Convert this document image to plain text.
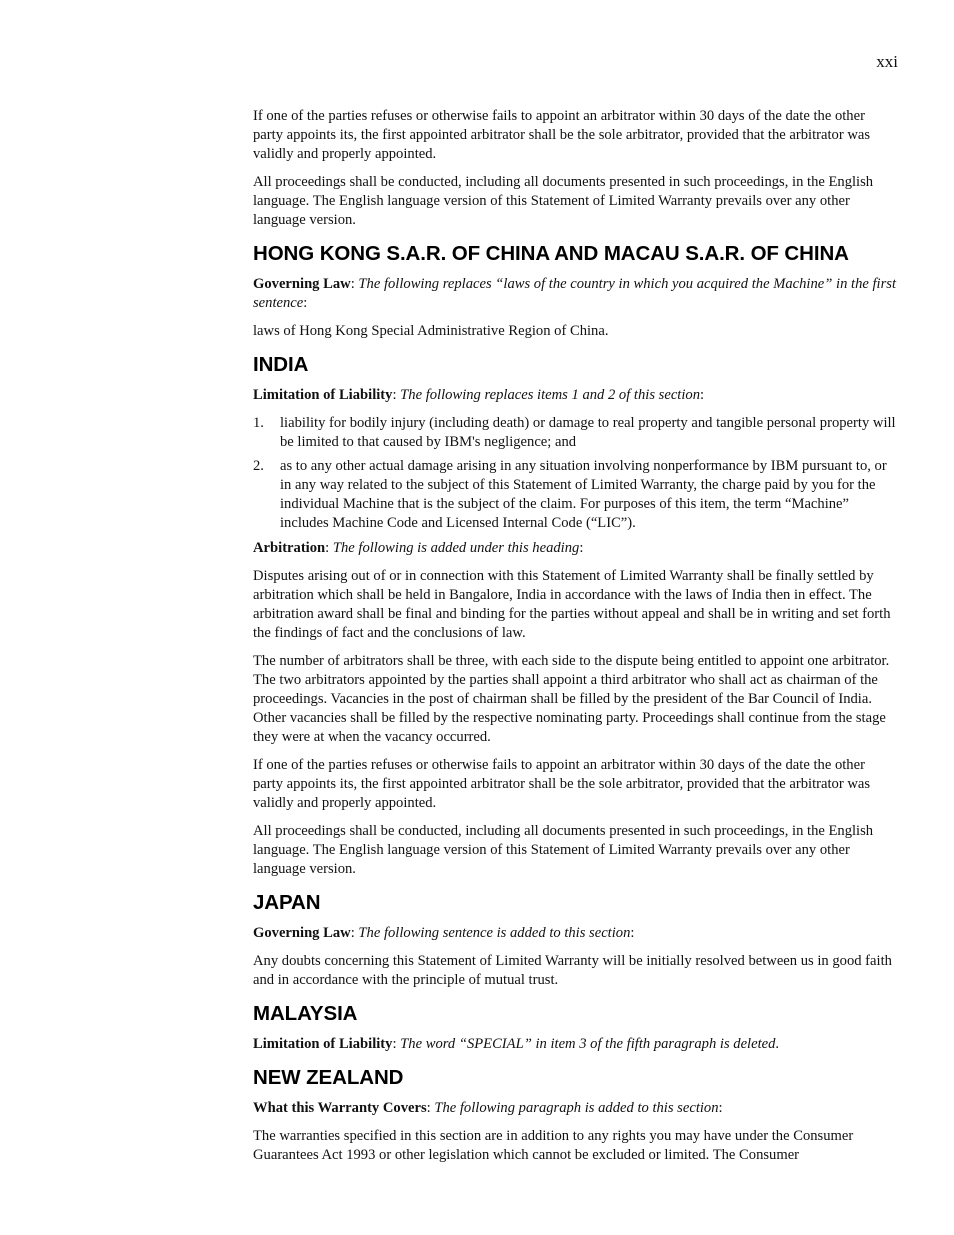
xxi

If one of the parties refuses or otherwise fails to appoint an arbitrator within 30 days of the date the other party appoints its, the first appointed arbitrator shall be the sole arbitrator, provided that the arbitrator was validly and properly appointed.

All proceedings shall be conducted, including all documents presented in such proceedings, in the English language. The English language version of this Statement of Limited Warranty prevails over any other language version.

HONG KONG S.A.R. OF CHINA AND MACAU S.A.R. OF CHINA

Governing Law: The following replaces “laws of the country in which you acquired the Machine” in the first sentence:

laws of Hong Kong Special Administrative Region of China.

INDIA

Limitation of Liability: The following replaces items 1 and 2 of this section:

1. liability for bodily injury (including death) or damage to real property and tangible personal property will be limited to that caused by IBM's negligence; and
2. as to any other actual damage arising in any situation involving nonperformance by IBM pursuant to, or in any way related to the subject of this Statement of Limited Warranty, the charge paid by you for the individual Machine that is the subject of the claim. For purposes of this item, the term “Machine” includes Machine Code and Licensed Internal Code (“LIC”).

Arbitration: The following is added under this heading:

Disputes arising out of or in connection with this Statement of Limited Warranty shall be finally settled by arbitration which shall be held in Bangalore, India in accordance with the laws of India then in effect. The arbitration award shall be final and binding for the parties without appeal and shall be in writing and set forth the findings of fact and the conclusions of law.

The number of arbitrators shall be three, with each side to the dispute being entitled to appoint one arbitrator. The two arbitrators appointed by the parties shall appoint a third arbitrator who shall act as chairman of the proceedings. Vacancies in the post of chairman shall be filled by the president of the Bar Council of India. Other vacancies shall be filled by the respective nominating party. Proceedings shall continue from the stage they were at when the vacancy occurred.

If one of the parties refuses or otherwise fails to appoint an arbitrator within 30 days of the date the other party appoints its, the first appointed arbitrator shall be the sole arbitrator, provided that the arbitrator was validly and properly appointed.

All proceedings shall be conducted, including all documents presented in such proceedings, in the English language. The English language version of this Statement of Limited Warranty prevails over any other language version.

JAPAN

Governing Law: The following sentence is added to this section:

Any doubts concerning this Statement of Limited Warranty will be initially resolved between us in good faith and in accordance with the principle of mutual trust.

MALAYSIA

Limitation of Liability: The word “SPECIAL” in item 3 of the fifth paragraph is deleted.

NEW ZEALAND

What this Warranty Covers: The following paragraph is added to this section:

The warranties specified in this section are in addition to any rights you may have under the Consumer Guarantees Act 1993 or other legislation which cannot be excluded or limited. The Consumer
